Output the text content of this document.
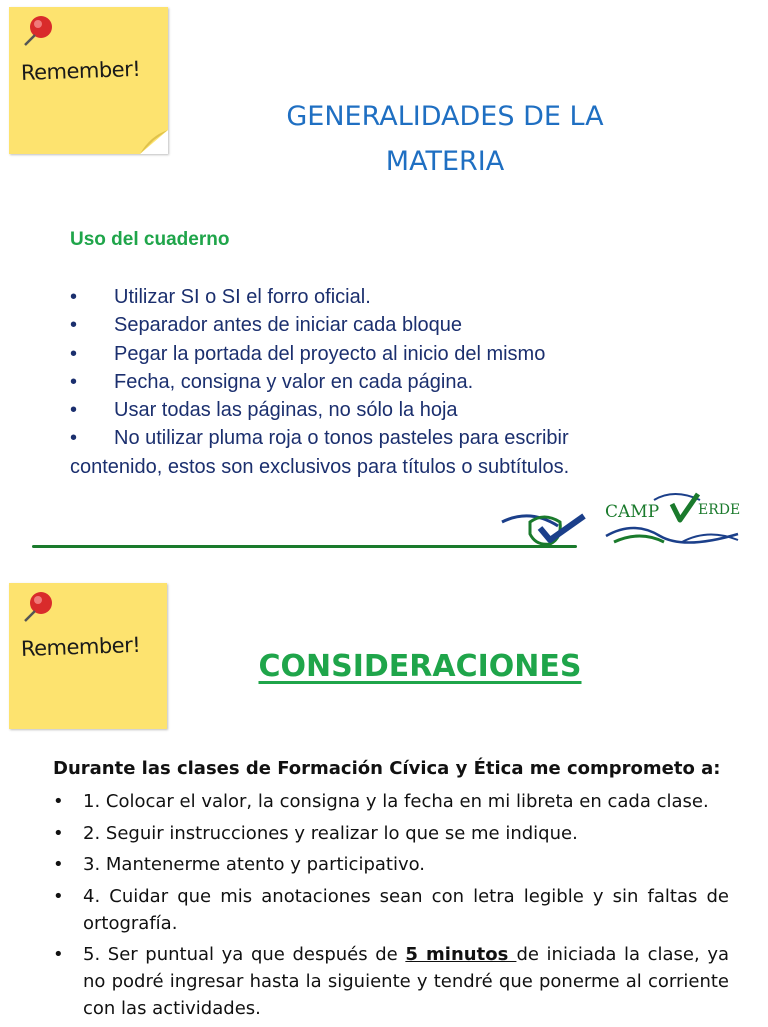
Remember!
GENERALIDADES DE LA
MATERIA
Uso del cuaderno
•	Utilizar SI o SI el forro oficial.
•	Separador antes de iniciar cada bloque
•	Pegar la portada del proyecto al inicio del mismo
•	Fecha, consigna y valor en cada página.
•	Usar todas las páginas, no sólo la hoja
•	No utilizar pluma roja o tonos pasteles para escribir
contenido, estos son exclusivos para títulos o subtítulos.
CAMP	ERDE
Remember!
CONSIDERACIONES
Durante las clases de Formación Cívica y Ética me comprometo a:
•	1. Colocar el valor, la consigna y la fecha en mi libreta en cada clase.
•	2. Seguir instrucciones y realizar lo que se me indique.
•	3. Mantenerme atento y participativo.
•	4. Cuidar que mis anotaciones sean con letra legible y sin faltas de ortografía.
•	5. Ser puntual ya que después de 5 minutos de iniciada la clase, ya no podré ingresar hasta la siguiente y tendré que ponerme al corriente con las actividades.
